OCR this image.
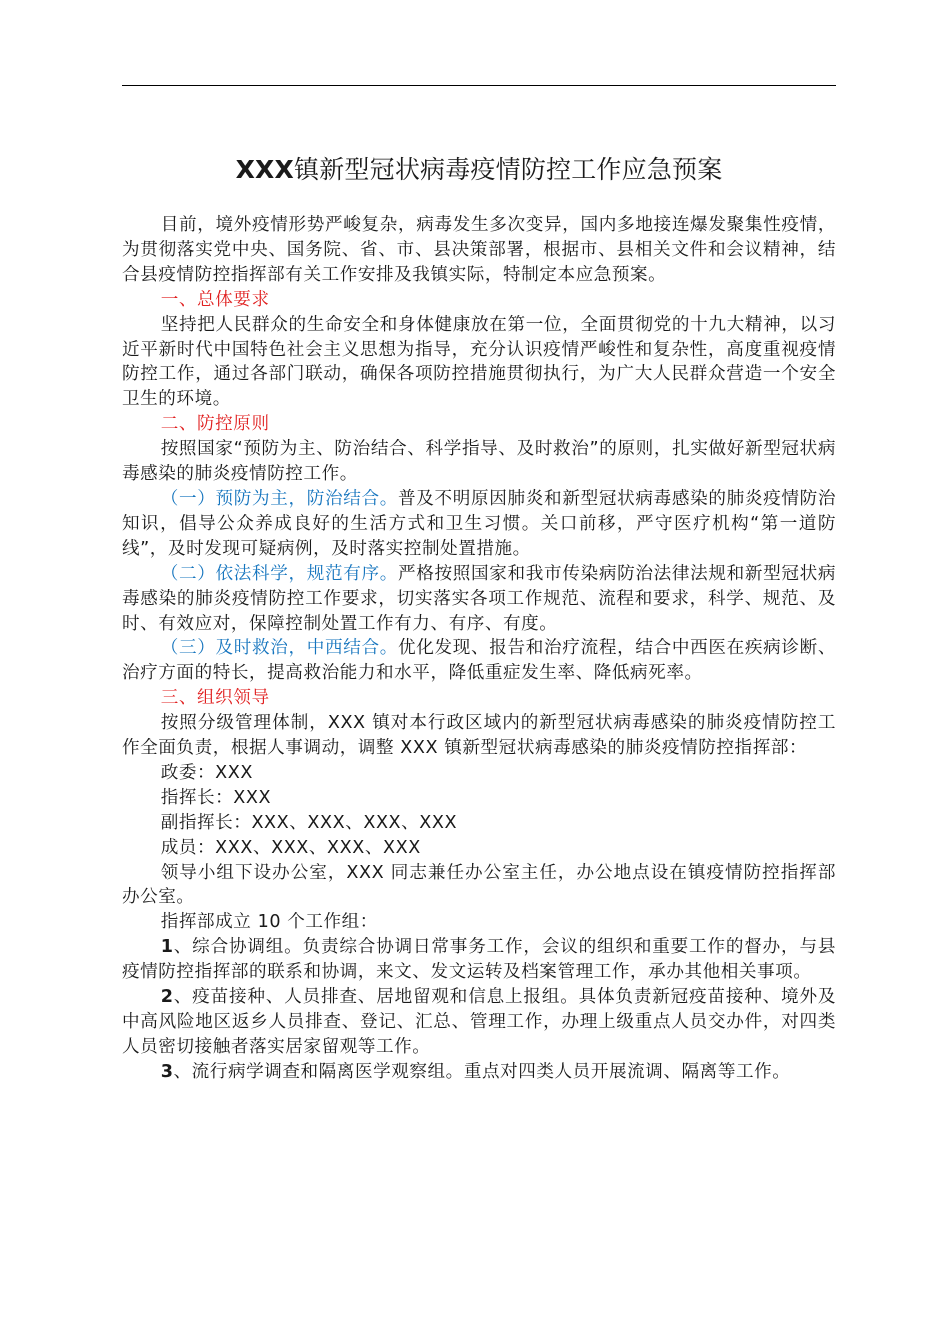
XXX镇新型冠状病毒疫情防控工作应急预案

目前，境外疫情形势严峻复杂，病毒发生多次变异，国内多地接连爆发聚集性疫情，为贯彻落实党中央、国务院、省、市、县决策部署，根据市、县相关文件和会议精神，结合县疫情防控指挥部有关工作安排及我镇实际，特制定本应急预案。

一、总体要求

坚持把人民群众的生命安全和身体健康放在第一位，全面贯彻党的十九大精神，以习近平新时代中国特色社会主义思想为指导，充分认识疫情严峻性和复杂性，高度重视疫情防控工作，通过各部门联动，确保各项防控措施贯彻执行，为广大人民群众营造一个安全卫生的环境。

二、防控原则

按照国家“预防为主、防治结合、科学指导、及时救治”的原则，扎实做好新型冠状病毒感染的肺炎疫情防控工作。

（一）预防为主，防治结合。普及不明原因肺炎和新型冠状病毒感染的肺炎疫情防治知识，倡导公众养成良好的生活方式和卫生习惯。关口前移，严守医疗机构“第一道防线”，及时发现可疑病例，及时落实控制处置措施。

（二）依法科学，规范有序。严格按照国家和我市传染病防治法律法规和新型冠状病毒感染的肺炎疫情防控工作要求，切实落实各项工作规范、流程和要求，科学、规范、及时、有效应对，保障控制处置工作有力、有序、有度。

（三）及时救治，中西结合。优化发现、报告和治疗流程，结合中西医在疾病诊断、治疗方面的特长，提高救治能力和水平，降低重症发生率、降低病死率。

三、组织领导

按照分级管理体制，XXX 镇对本行政区域内的新型冠状病毒感染的肺炎疫情防控工作全面负责，根据人事调动，调整 XXX 镇新型冠状病毒感染的肺炎疫情防控指挥部：

政委：XXX

指挥长：XXX

副指挥长：XXX、XXX、XXX、XXX

成员：XXX、XXX、XXX、XXX

领导小组下设办公室，XXX 同志兼任办公室主任，办公地点设在镇疫情防控指挥部办公室。

指挥部成立 10 个工作组：

1、综合协调组。负责综合协调日常事务工作，会议的组织和重要工作的督办，与县疫情防控指挥部的联系和协调，来文、发文运转及档案管理工作，承办其他相关事项。

2、疫苗接种、人员排查、居地留观和信息上报组。具体负责新冠疫苗接种、境外及中高风险地区返乡人员排查、登记、汇总、管理工作，办理上级重点人员交办件，对四类人员密切接触者落实居家留观等工作。

3、流行病学调查和隔离医学观察组。重点对四类人员开展流调、隔离等工作。
